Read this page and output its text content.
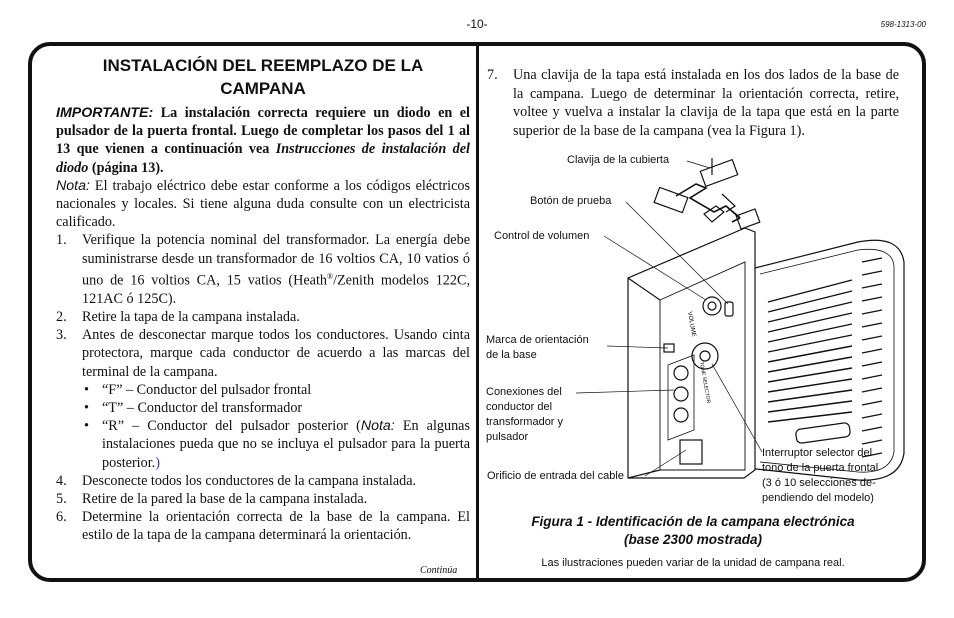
-10-	598-1313-00
INSTALACIÓN DEL REEMPLAZO DE LA
CAMPANA

IMPORTANTE: La instalación correcta requiere un diodo en el pulsador de la puerta frontal. Luego de completar los pasos del 1 al 13 que vienen a continuación vea Instrucciones de instalación del diodo (página 13).

Nota: El trabajo eléctrico debe estar conforme a los códigos eléctricos nacionales y locales. Si tiene alguna duda consulte con un electricista calificado.

1. Verifique la potencia nominal del transformador. La energía debe suministrarse desde un transformador de 16 voltios CA, 10 vatios ó uno de 16 voltios CA, 15 vatios (Heath®/Zenith modelos 122C, 121AC ó 125C).
2. Retire la tapa de la campana instalada.
3. Antes de desconectar marque todos los conductores. Usando cinta protectora, marque cada conductor de acuerdo a las marcas del terminal de la campana.
• “F” – Conductor del pulsador frontal
• “T” – Conductor del transformador
• “R” – Conductor del pulsador posterior (Nota: En algunas instalaciones pueda que no se incluya el pulsador para la puerta posterior.)
4. Desconecte todos los conductores de la campana instalada.
5. Retire de la pared la base de la campana instalada.
6. Determine la orientación correcta de la base de la campana. El estilo de la tapa de la campana determinará la orientación.
Continúa
7. Una clavija de la tapa está instalada en los dos lados de la base de la campana. Luego de determinar la orientación correcta, retire, voltee y vuelva a instalar la clavija de la tapa que está en la parte superior de la base de la campana (vea la Figura 1).
VOLUME
TONE SELECTOR
Clavija de la cubierta
Botón de prueba
Control de volumen
Marca de orientación
de la base
Conexiones del
conductor del
transformador y
pulsador
Orificio de entrada del cable
Interruptor selector del
tono de la puerta frontal
(3 ó 10 selecciones de-
pendiendo del modelo)
Figura 1 - Identificación de la campana electrónica
(base 2300 mostrada)
Las ilustraciones pueden variar de la unidad de campana real.
